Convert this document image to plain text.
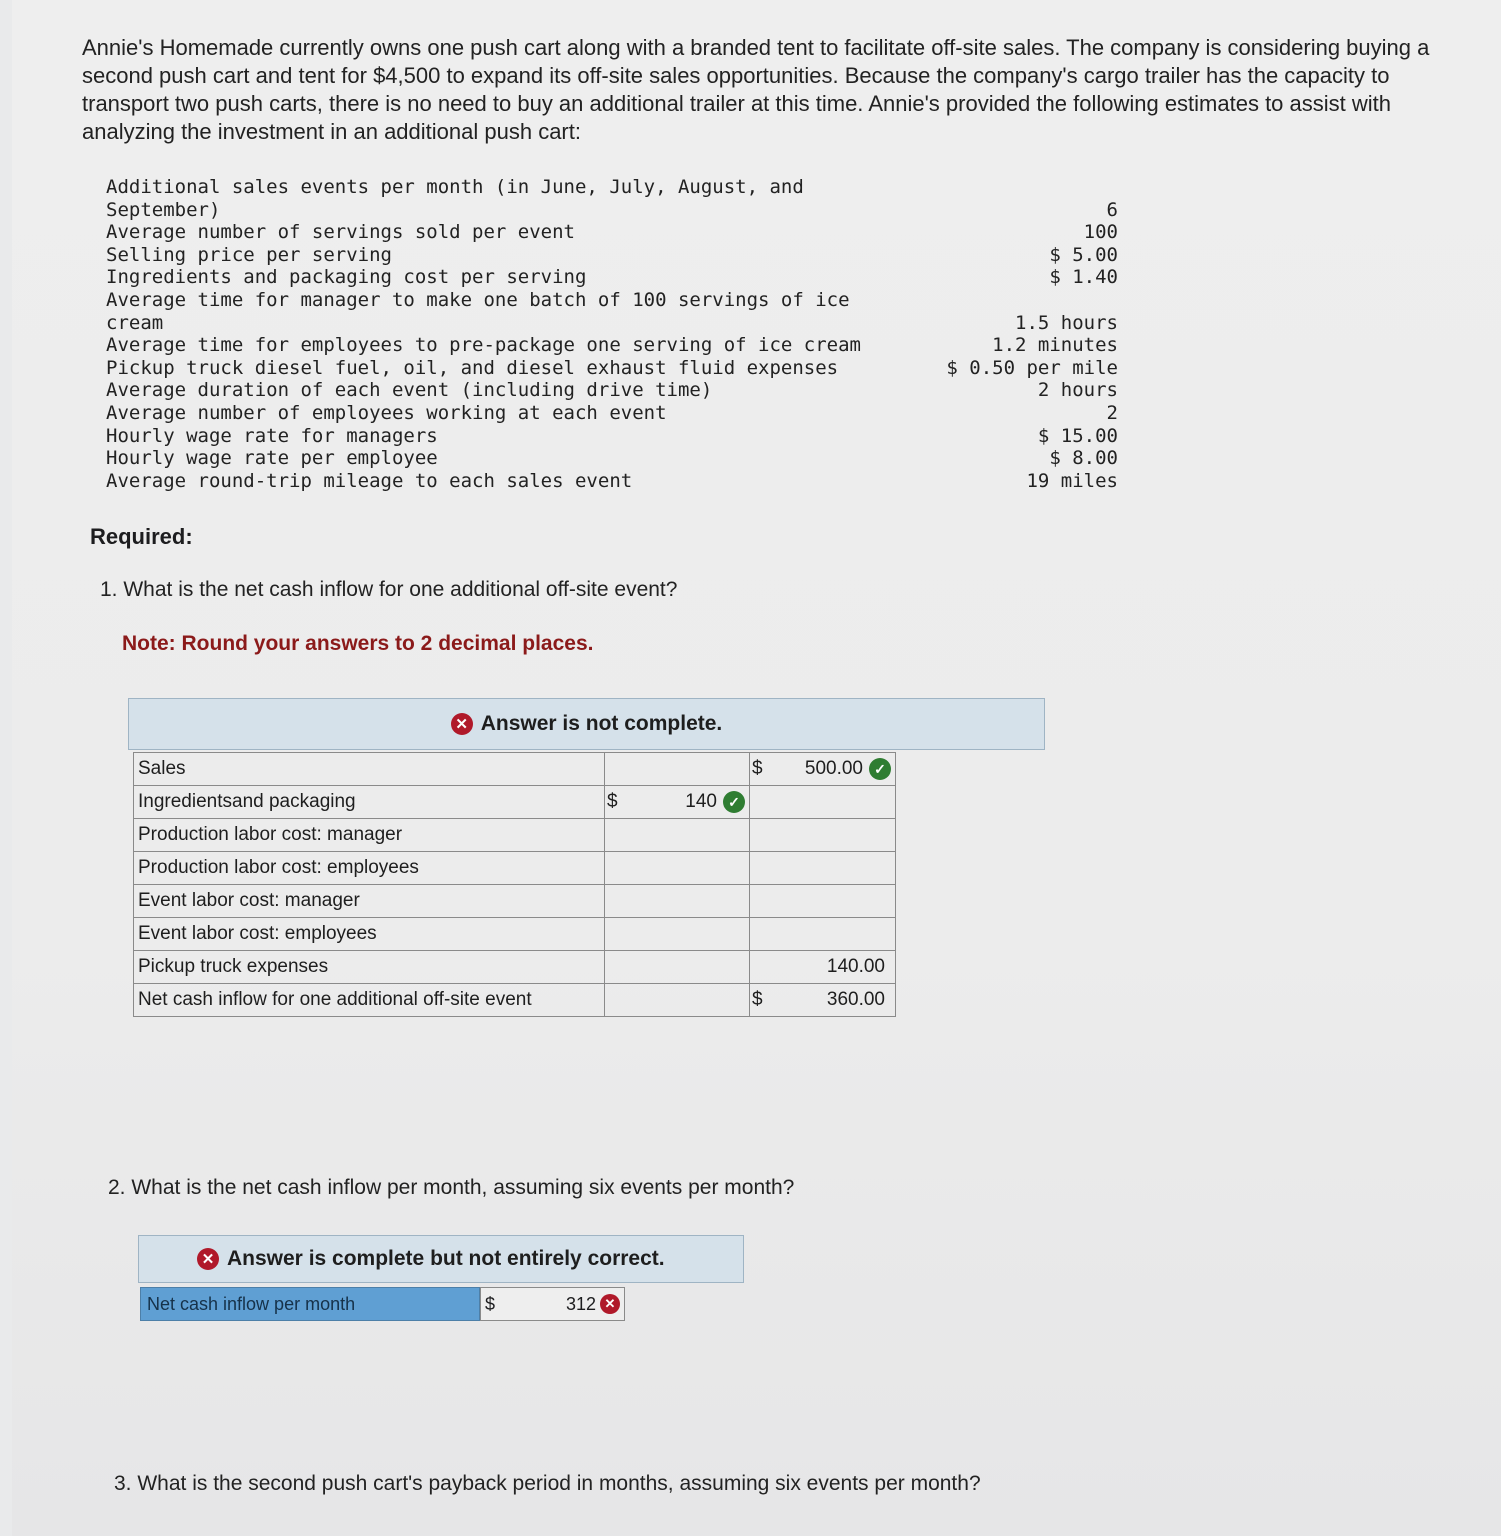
Annie's Homemade currently owns one push cart along with a branded tent to facilitate off-site sales. The company is considering buying a second push cart and tent for $4,500 to expand its off-site sales opportunities. Because the company's cargo trailer has the capacity to transport two push carts, there is no need to buy an additional trailer at this time. Annie's provided the following estimates to assist with analyzing the investment in an additional push cart:
Additional sales events per month (in June, July, August, and September)	6
Average number of servings sold per event	100
Selling price per serving	$ 5.00
Ingredients and packaging cost per serving	$ 1.40
Average time for manager to make one batch of 100 servings of ice cream	1.5 hours
Average time for employees to pre-package one serving of ice cream	1.2 minutes
Pickup truck diesel fuel, oil, and diesel exhaust fluid expenses	$ 0.50 per mile
Average duration of each event (including drive time)	2 hours
Average number of employees working at each event	2
Hourly wage rate for managers	$ 15.00
Hourly wage rate per employee	$ 8.00
Average round-trip mileage to each sales event	19 miles
Required:
1. What is the net cash inflow for one additional off-site event?
Note: Round your answers to 2 decimal places.
✕ Answer is not complete.
Sales		$ 500.00 ✓

Ingredientsand packaging	$ 140 ✓	

Production labor cost: manager	

Production labor cost: employees	

Event labor cost: manager	

Event labor cost: employees	

Pickup truck expenses		140.00

Net cash inflow for one additional off-site event		$ 360.00
2. What is the net cash inflow per month, assuming six events per month?
✕ Answer is complete but not entirely correct.
Net cash inflow per month	$	312 ✕
3. What is the second push cart's payback period in months, assuming six events per month?
